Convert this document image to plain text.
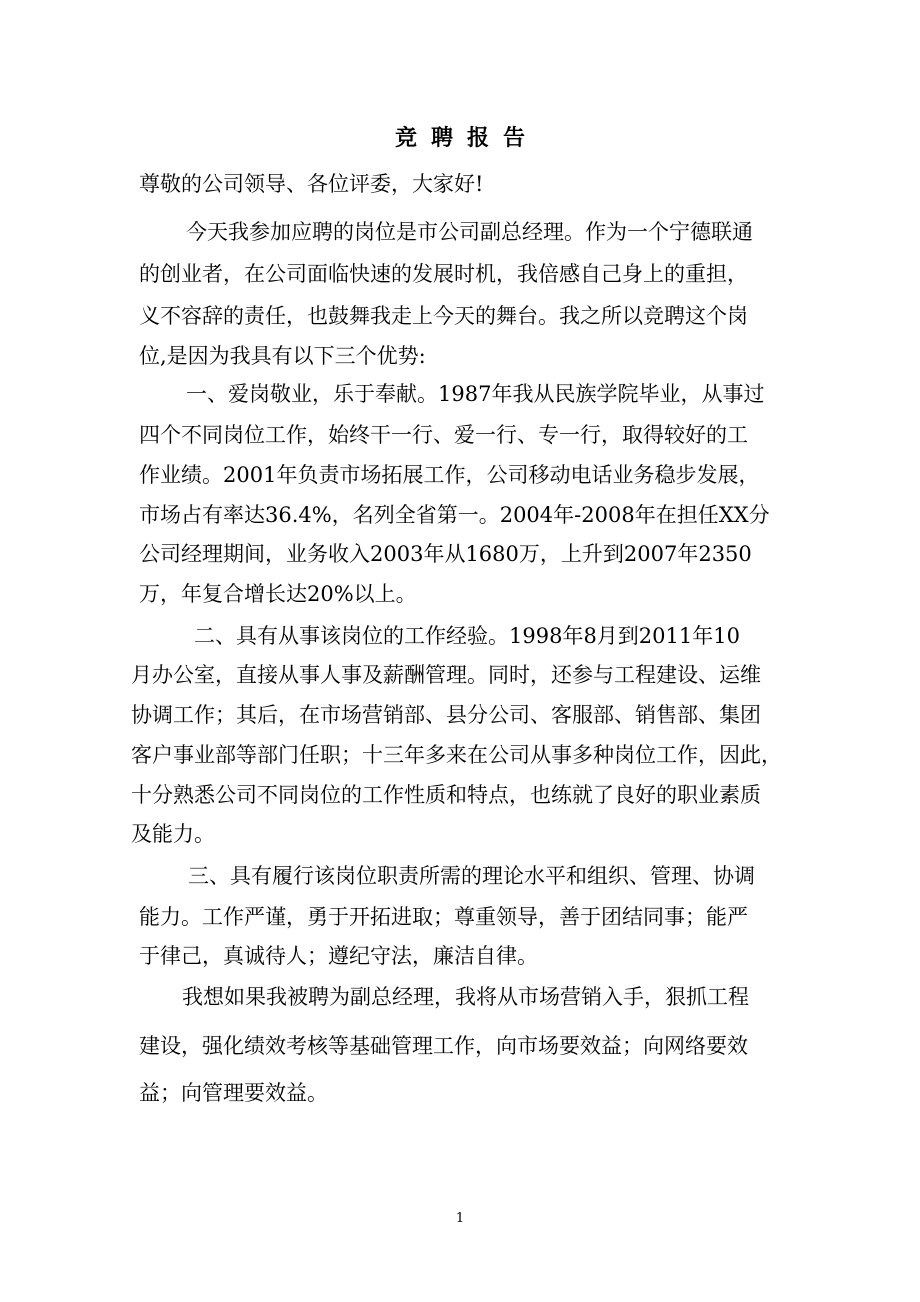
竞聘报告

尊敬的公司领导、各位评委，大家好!

今天我参加应聘的岗位是市公司副总经理。作为一个宁德联通

的创业者，在公司面临快速的发展时机，我倍感自己身上的重担，

义不容辞的责任，也鼓舞我走上今天的舞台。我之所以竞聘这个岗

位,是因为我具有以下三个优势:

一、爱岗敬业，乐于奉献。1987年我从民族学院毕业，从事过

四个不同岗位工作，始终干一行、爱一行、专一行，取得较好的工

作业绩。2001年负责市场拓展工作，公司移动电话业务稳步发展，

市场占有率达36.4%，名列全省第一。2004年-2008年在担任XX分

公司经理期间，业务收入2003年从1680万，上升到2007年2350

万，年复合增长达20%以上。

二、具有从事该岗位的工作经验。1998年8月到2011年10

月办公室，直接从事人事及薪酬管理。同时，还参与工程建设、运维

协调工作；其后，在市场营销部、县分公司、客服部、销售部、集团

客户事业部等部门任职；十三年多来在公司从事多种岗位工作，因此，

十分熟悉公司不同岗位的工作性质和特点，也练就了良好的职业素质

及能力。

三、具有履行该岗位职责所需的理论水平和组织、管理、协调

能力。工作严谨，勇于开拓进取；尊重领导，善于团结同事；能严

于律己，真诚待人；遵纪守法，廉洁自律。

我想如果我被聘为副总经理，我将从市场营销入手，狠抓工程

建设，强化绩效考核等基础管理工作，向市场要效益；向网络要效

益；向管理要效益。

1
